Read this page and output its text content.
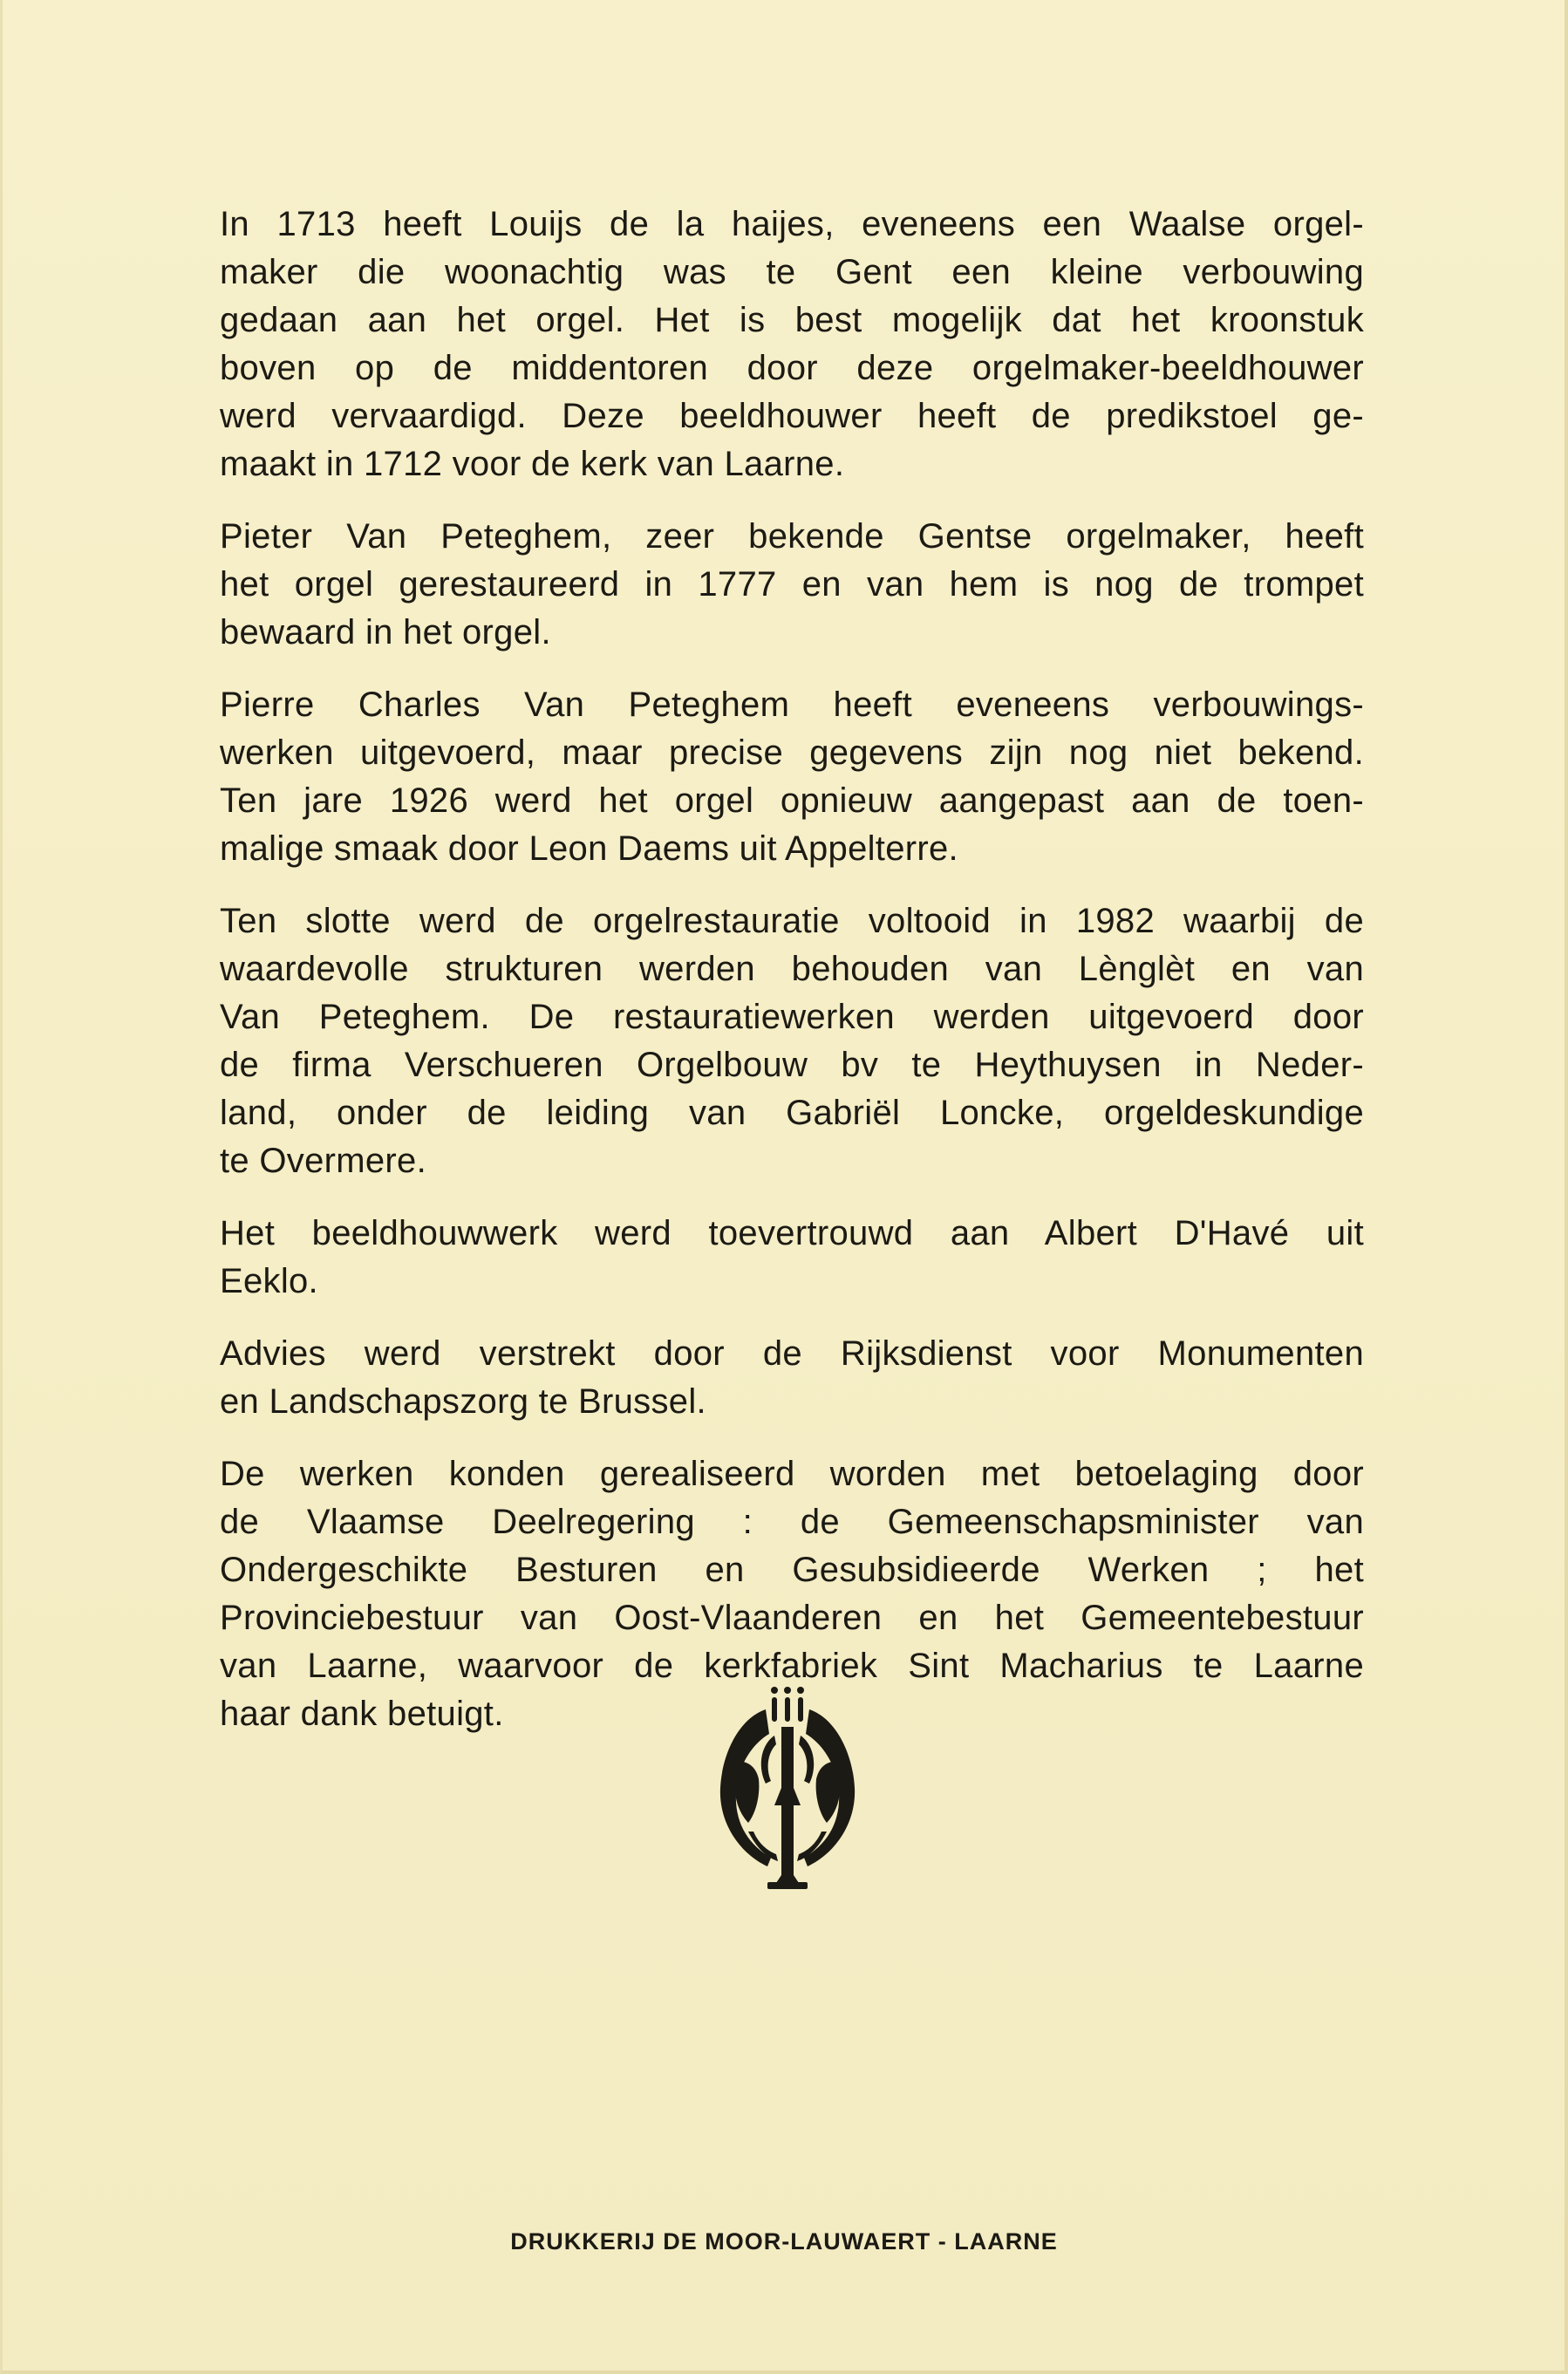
In 1713 heeft Louijs de la haijes, eveneens een Waalse orgel-
maker die woonachtig was te Gent een kleine verbouwing
gedaan aan het orgel. Het is best mogelijk dat het kroonstuk
boven op de middentoren door deze orgelmaker-beeldhouwer
werd vervaardigd. Deze beeldhouwer heeft de predikstoel ge-
maakt in 1712 voor de kerk van Laarne.

Pieter Van Peteghem, zeer bekende Gentse orgelmaker, heeft
het orgel gerestaureerd in 1777 en van hem is nog de trompet
bewaard in het orgel.

Pierre Charles Van Peteghem heeft eveneens verbouwings-
werken uitgevoerd, maar precise gegevens zijn nog niet bekend.
Ten jare 1926 werd het orgel opnieuw aangepast aan de toen-
malige smaak door Leon Daems uit Appelterre.

Ten slotte werd de orgelrestauratie voltooid in 1982 waarbij de
waardevolle strukturen werden behouden van Lènglèt en van
Van Peteghem. De restauratiewerken werden uitgevoerd door
de firma Verschueren Orgelbouw bv te Heythuysen in Neder-
land, onder de leiding van Gabriël Loncke, orgeldeskundige
te Overmere.

Het beeldhouwwerk werd toevertrouwd aan Albert D'Havé uit
Eeklo.

Advies werd verstrekt door de Rijksdienst voor Monumenten
en Landschapszorg te Brussel.

De werken konden gerealiseerd worden met betoelaging door
de Vlaamse Deelregering : de Gemeenschapsminister van
Ondergeschikte Besturen en Gesubsidieerde Werken ; het
Provinciebestuur van Oost-Vlaanderen en het Gemeentebestuur
van Laarne, waarvoor de kerkfabriek Sint Macharius te Laarne
haar dank betuigt.

DRUKKERIJ DE MOOR-LAUWAERT - LAARNE
